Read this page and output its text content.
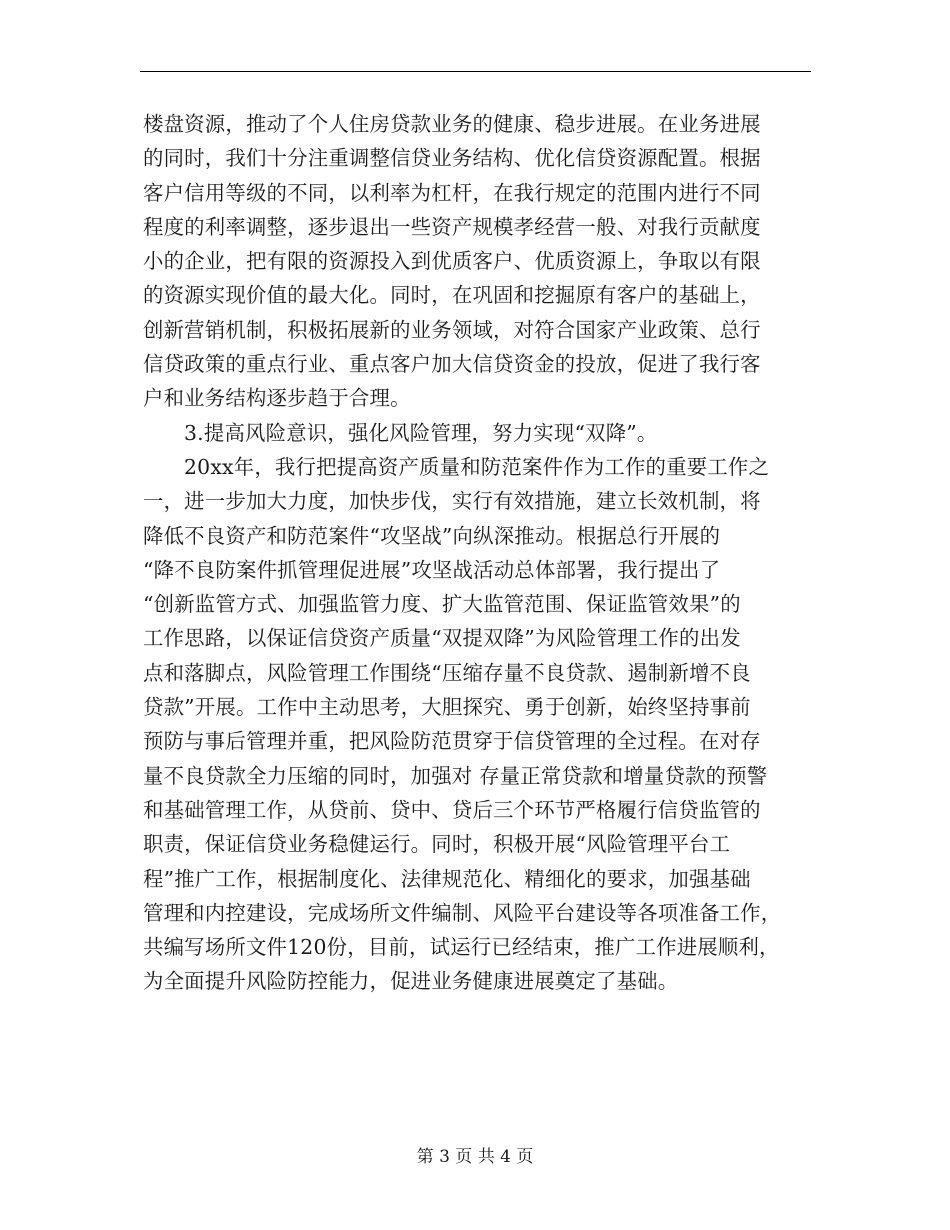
楼盘资源，推动了个人住房贷款业务的健康、稳步进展。在业务进展
的同时，我们十分注重调整信贷业务结构、优化信贷资源配置。根据
客户信用等级的不同，以利率为杠杆，在我行规定的范围内进行不同
程度的利率调整，逐步退出一些资产规模孝经营一般、对我行贡献度
小的企业，把有限的资源投入到优质客户、优质资源上，争取以有限
的资源实现价值的最大化。同时，在巩固和挖掘原有客户的基础上，
创新营销机制，积极拓展新的业务领域，对符合国家产业政策、总行
信贷政策的重点行业、重点客户加大信贷资金的投放，促进了我行客
户和业务结构逐步趋于合理。
3.提高风险意识，强化风险管理，努力实现“双降”。
20xx年，我行把提高资产质量和防范案件作为工作的重要工作之
一，进一步加大力度，加快步伐，实行有效措施，建立长效机制，将
降低不良资产和防范案件“攻坚战”向纵深推动。根据总行开展的
“降不良防案件抓管理促进展”攻坚战活动总体部署，我行提出了
“创新监管方式、加强监管力度、扩大监管范围、保证监管效果”的
工作思路，以保证信贷资产质量“双提双降”为风险管理工作的出发
点和落脚点，风险管理工作围绕“压缩存量不良贷款、遏制新增不良
贷款”开展。工作中主动思考，大胆探究、勇于创新，始终坚持事前
预防与事后管理并重，把风险防范贯穿于信贷管理的全过程。在对存
量不良贷款全力压缩的同时，加强对 存量正常贷款和增量贷款的预警
和基础管理工作，从贷前、贷中、贷后三个环节严格履行信贷监管的
职责，保证信贷业务稳健运行。同时，积极开展“风险管理平台工
程”推广工作，根据制度化、法律规范化、精细化的要求，加强基础
管理和内控建设，完成场所文件编制、风险平台建设等各项准备工作，
共编写场所文件120份，目前，试运行已经结束，推广工作进展顺利，
为全面提升风险防控能力，促进业务健康进展奠定了基础。
第 3 页 共 4 页
